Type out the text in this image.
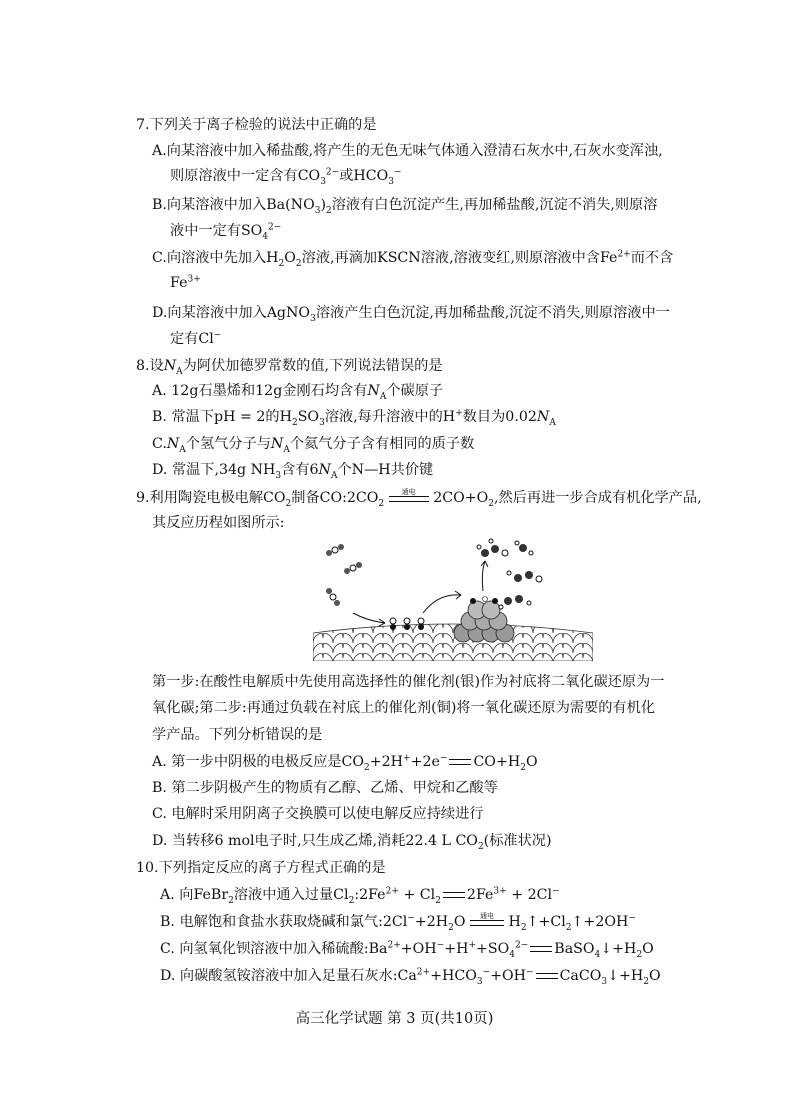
7.下列关于离子检验的说法中正确的是
A.向某溶液中加入稀盐酸,将产生的无色无味气体通入澄清石灰水中,石灰水变浑浊,
则原溶液中一定含有$CO_3^{2-}$或$HCO_3^-$
B.向某溶液中加入$Ba(NO_3)_2$溶液有白色沉淀产生,再加稀盐酸,沉淀不消失,则原溶
液中一定有$SO_4^{2-}$
C.向溶液中先加入$H_2O_2$溶液,再滴加KSCN溶液,溶液变红,则原溶液中含$Fe^{2+}$而不含
$Fe^{3+}$
D.向某溶液中加入AgNO$_3$溶液产生白色沉淀,再加稀盐酸,沉淀不消失,则原溶液中一
定有Cl−
8.设$N_A$为阿伏加德罗常数的值,下列说法错误的是
A. 12g石墨烯和12g金刚石均含有$N_A$个碳原子
B. 常温下pH = 2的$H_2SO_3$溶液,每升溶液中的H+数目为$0.02N_A$
$C.N_A$个氢气分子与$N_A$个氦气分子含有相同的质子数
D. 常温下,34g $NH_3$含有$6N_A$个N—H共价键
9.利用陶瓷电极电解$CO_2$制备$CO:2CO_2$
通电	$2CO+O_2$,然后再进一步合成有机化学产品,
其反应历程如图所示:
第一步:在酸性电解质中先使用高选择性的催化剂(银)作为衬底将二氧化碳还原为一
氧化碳;第二步:再通过负载在衬底上的催化剂(铜)将一氧化碳还原为需要的有机化
学产品。下列分析错误的是
A. 第一步中阴极的电极反应是$CO_2+2H^++2e^-$ $CO+H_2O$
B. 第二步阴极产生的物质有乙醇、乙烯、甲烷和乙酸等
C. 电解时采用阴离子交换膜可以使电解反应持续进行
D. 当转移6 mol电子时,只生成乙烯,消耗22.4 L $CO_2$(标准状况)
10.下列指定反应的离子方程式正确的是
A. 向FeBr$_2$溶液中通入过量$Cl_2:2Fe^{2+} + Cl_2$ $2Fe^{3+} + 2Cl^-$
B. 电解饱和食盐水获取烧碱和氯气$:2Cl^-+2H_2O$	通电	$H_2↑+Cl_2↑+2OH^-$
C. 向氢氧化钡溶液中加入稀硫酸$:Ba^{2+}+OH^-+H^++SO_4^{2-}$ $BaSO_4↓+H_2O$
D. 向碳酸氢铵溶液中加入足量石灰水$:Ca^{2+}+HCO_3^-+OH^-$ $CaCO_3↓+H_2O$
高三化学试题 第 3 页(共10页)
